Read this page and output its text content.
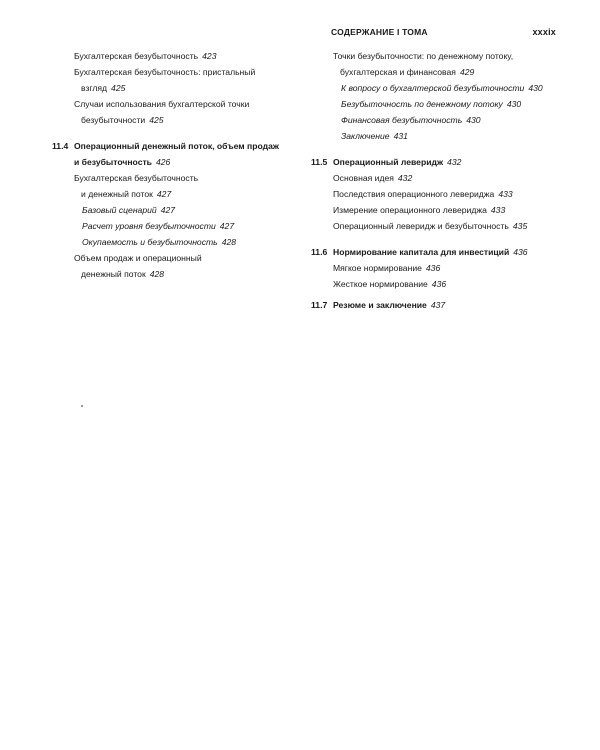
СОДЕРЖАНИЕ I ТОМА	xxxix

Бухгалтерская безубыточность 423

Бухгалтерская безубыточность: пристальный
взгляд 425

Случаи использования бухгалтерской точки
безубыточности 425

11.4 Операционный денежный поток, объем продаж
и безубыточность 426

Бухгалтерская безубыточность
и денежный поток 427

Базовый сценарий 427

Расчет уровня безубыточности 427

Окупаемость и безубыточность 428

Объем продаж и операционный
денежный поток 428

Точки безубыточности: по денежному потоку,
бухгалтерская и финансовая 429

К вопросу о бухгалтерской безубыточности 430

Безубыточность по денежному потоку 430

Финансовая безубыточность 430

Заключение 431

11.5 Операционный леверидж 432

Основная идея 432

Последствия операционного левериджа 433

Измерение операционного левериджа 433

Операционный леверидж и безубыточность 435

11.6 Нормирование капитала для инвестиций 436

Мягкое нормирование 436

Жесткое нормирование 436

11.7 Резюме и заключение 437
